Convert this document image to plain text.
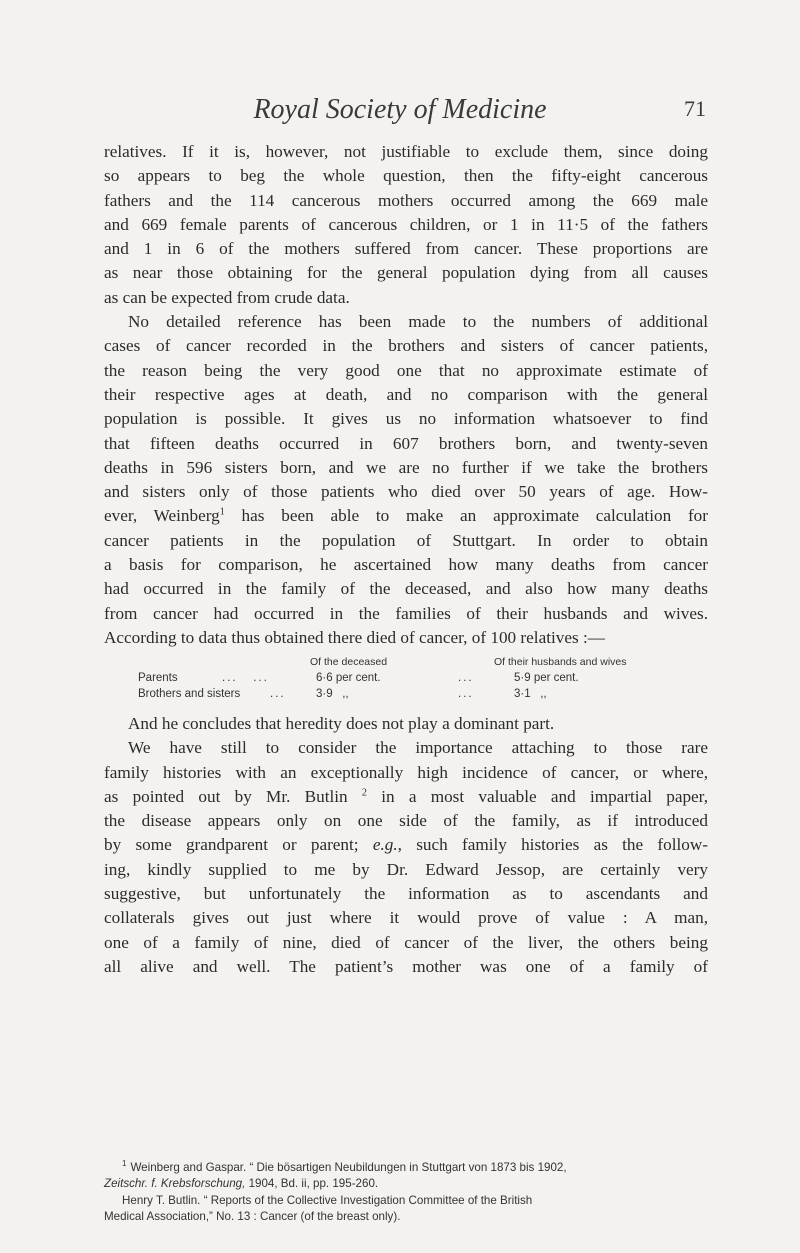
Royal Society of Medicine	71

relatives. If it is, however, not justifiable to exclude them, since doing
so appears to beg the whole question, then the fifty-eight cancerous
fathers and the 114 cancerous mothers occurred among the 669 male
and 669 female parents of cancerous children, or 1 in 11·5 of the fathers
and 1 in 6 of the mothers suffered from cancer. These proportions are
as near those obtaining for the general population dying from all causes
as can be expected from crude data.

No detailed reference has been made to the numbers of additional
cases of cancer recorded in the brothers and sisters of cancer patients,
the reason being the very good one that no approximate estimate of
their respective ages at death, and no comparison with the general
population is possible. It gives us no information whatsoever to find
that fifteen deaths occurred in 607 brothers born, and twenty-seven
deaths in 596 sisters born, and we are no further if we take the brothers
and sisters only of those patients who died over 50 years of age. How-
ever, Weinberg$^1$ has been able to make an approximate calculation for
cancer patients in the population of Stuttgart. In order to obtain
a basis for comparison, he ascertained how many deaths from cancer
had occurred in the family of the deceased, and also how many deaths
from cancer had occurred in the families of their husbands and wives.
According to data thus obtained there died of cancer, of 100 relatives :—

Of the deceased	Of their husbands and wives
Parents	... ...	6·6 per cent.	...	5·9 per cent.
Brothers and sisters	...	3·9   ,,	...	3·1   ,,

And he concludes that heredity does not play a dominant part.
We have still to consider the importance attaching to those rare
family histories with an exceptionally high incidence of cancer, or where,
as pointed out by Mr. Butlin $^2$ in a most valuable and impartial paper,
the disease appears only on one side of the family, as if introduced
by some grandparent or parent; e.g., such family histories as the follow-
ing, kindly supplied to me by Dr. Edward Jessop, are certainly very
suggestive, but unfortunately the information as to ascendants and
collaterals gives out just where it would prove of value : A man,
one of a family of nine, died of cancer of the liver, the others being
all alive and well. The patient’s mother was one of a family of

$^1$ Weinberg and Gaspar. “ Die bösartigen Neubildungen in Stuttgart von 1873 bis 1902,
Zeitschr. f. Krebsforschung, 1904, Bd. ii, pp. 195-260.
Henry T. Butlin. “ Reports of the Collective Investigation Committee of the British
Medical Association,” No. 13 : Cancer (of the breast only).
